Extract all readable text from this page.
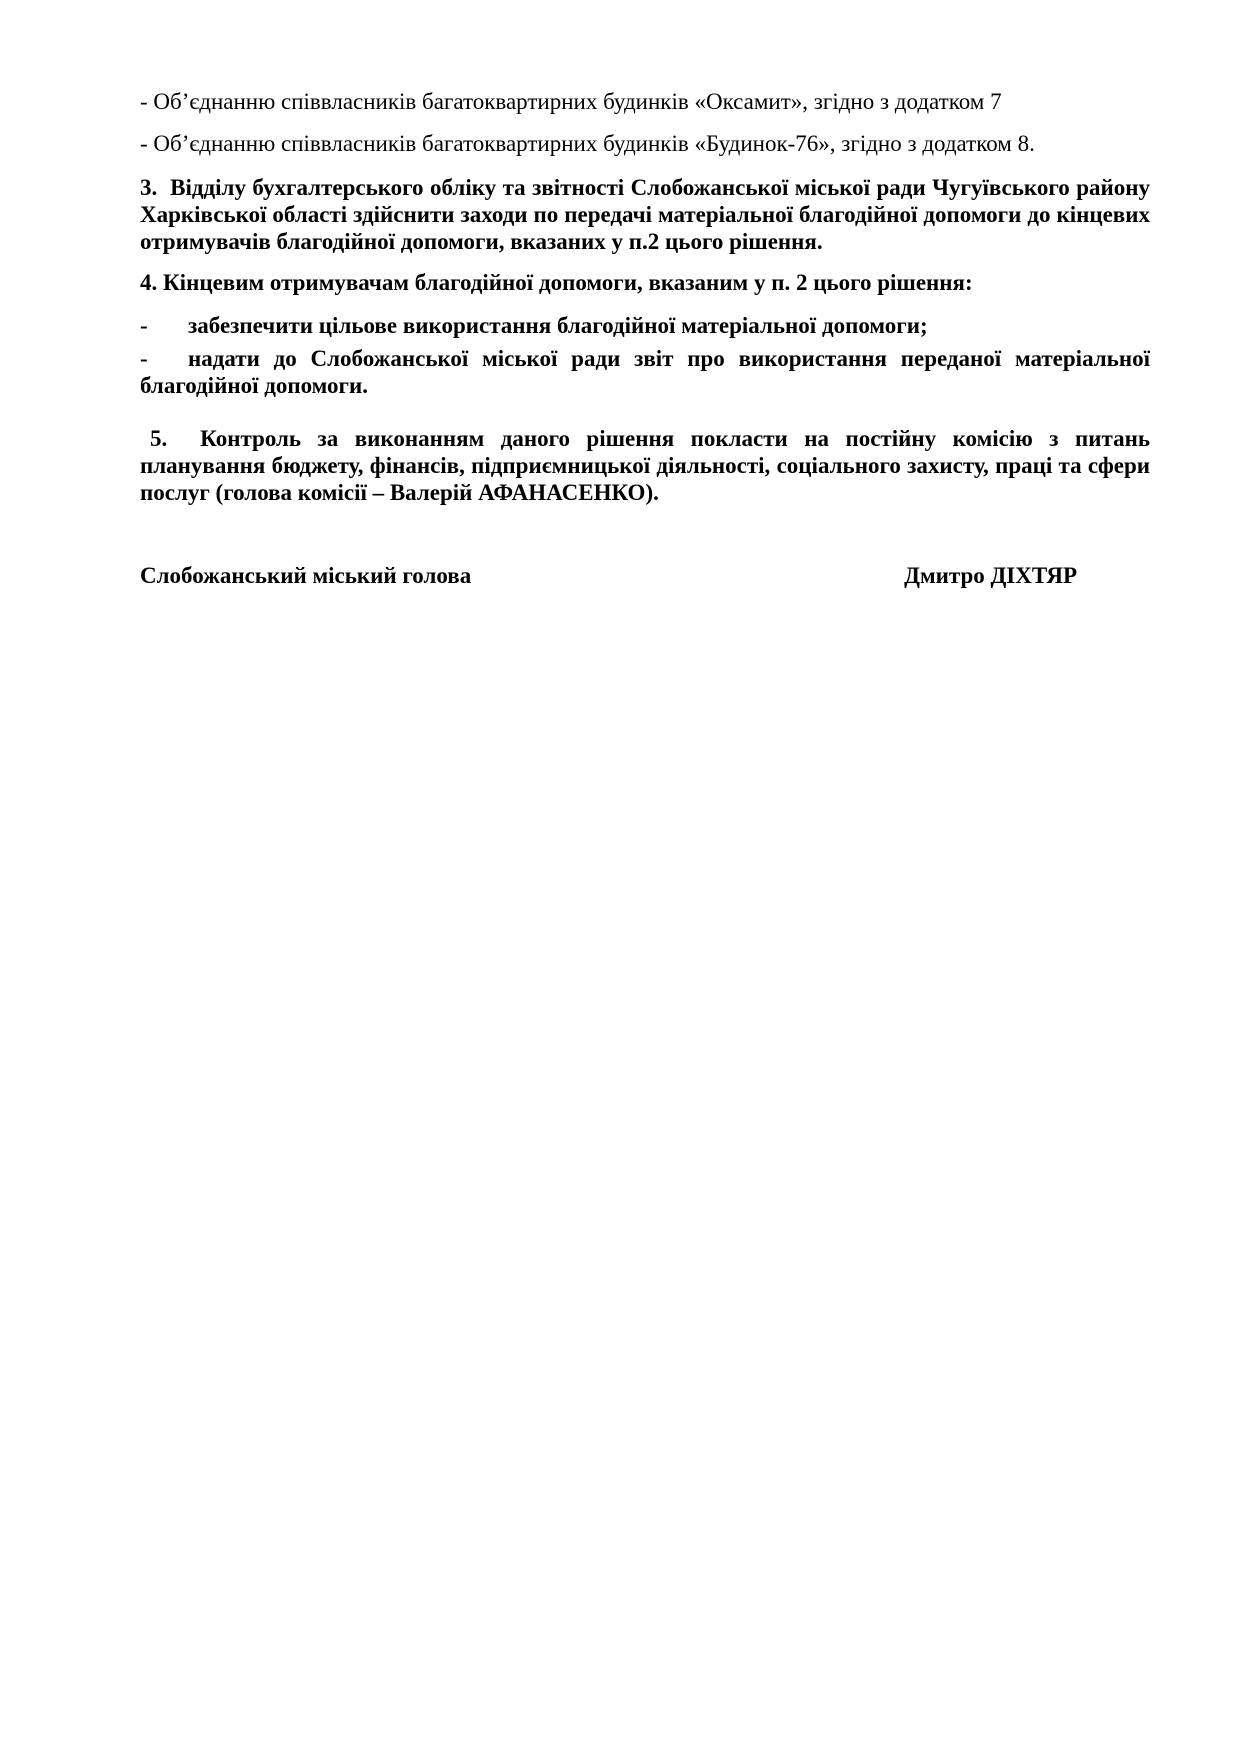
- Об’єднанню співвласників багатоквартирних будинків «Оксамит», згідно з додатком 7

- Об’єднанню співвласників багатоквартирних будинків «Будинок-76», згідно з додатком 8.

3.  Відділу бухгалтерського обліку та звітності Слобожанської міської ради Чугуївського району Харківської області здійснити заходи по передачі матеріальної благодійної допомоги до кінцевих отримувачів благодійної допомоги, вказаних у п.2 цього рішення.

4. Кінцевим отримувачам благодійної допомоги, вказаним у п. 2 цього рішення:

- забезпечити цільове використання благодійної матеріальної допомоги;

- надати до Слобожанської міської ради звіт про використання переданої матеріальної благодійної допомоги.

5.  Контроль за виконанням даного рішення покласти на постійну комісію з питань планування бюджету, фінансів, підприємницької діяльності, соціального захисту, праці та сфери послуг (голова комісії – Валерій АФАНАСЕНКО).

Слобожанський міський голова	Дмитро ДІХТЯР
